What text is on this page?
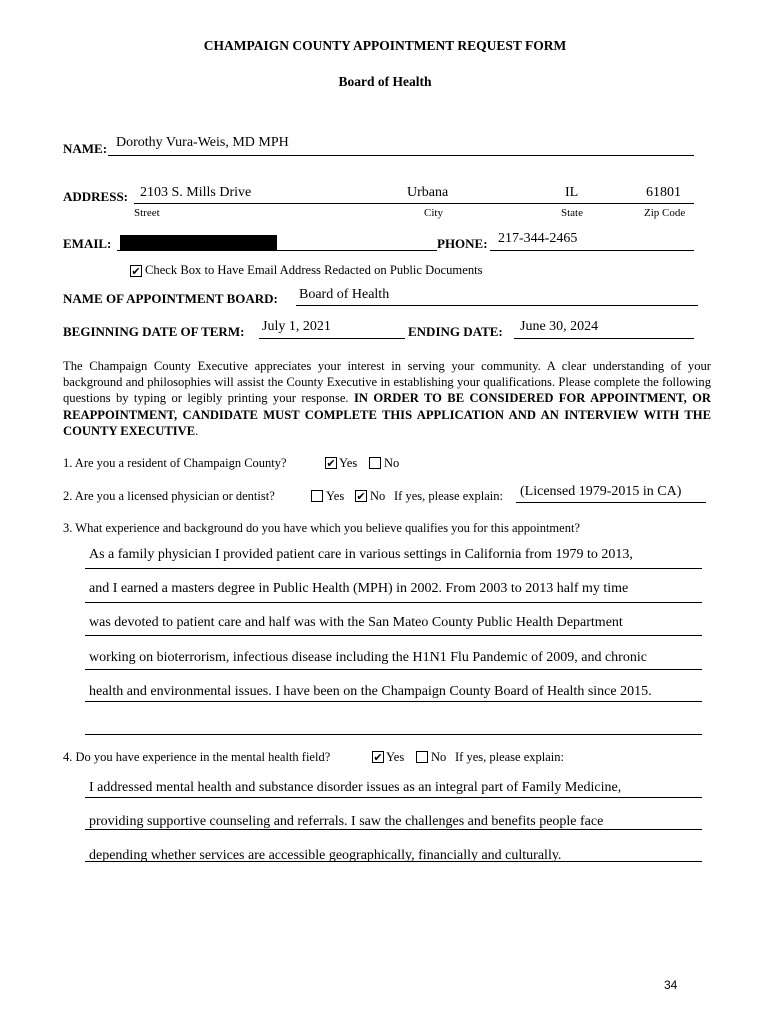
CHAMPAIGN COUNTY APPOINTMENT REQUEST FORM
Board of Health
NAME: Dorothy Vura-Weis, MD MPH
ADDRESS: 2103 S. Mills Drive	Urbana	IL	61801
Street	City	State	Zip Code
EMAIL:	PHONE: 217-344-2465
✔ Check Box to Have Email Address Redacted on Public Documents
NAME OF APPOINTMENT BOARD: Board of Health
BEGINNING DATE OF TERM: July 1, 2021	ENDING DATE: June 30, 2024
The Champaign County Executive appreciates your interest in serving your community. A clear understanding of your background and philosophies will assist the County Executive in establishing your qualifications. Please complete the following questions by typing or legibly printing your response. IN ORDER TO BE CONSIDERED FOR APPOINTMENT, OR REAPPOINTMENT, CANDIDATE MUST COMPLETE THIS APPLICATION AND AN INTERVIEW WITH THE COUNTY EXECUTIVE.
1. Are you a resident of Champaign County?	✔ Yes No
2. Are you a licensed physician or dentist?	Yes ✔ No If yes, please explain: (Licensed 1979-2015 in CA)
3. What experience and background do you have which you believe qualifies you for this appointment?
As a family physician I provided patient care in various settings in California from 1979 to 2013,
and I earned a masters degree in Public Health (MPH) in 2002. From 2003 to 2013 half my time
was devoted to patient care and half was with the San Mateo County Public Health Department
working on bioterrorism, infectious disease including the H1N1 Flu Pandemic of 2009, and chronic
health and environmental issues. I have been on the Champaign County Board of Health since 2015.
4. Do you have experience in the mental health field?	✔ Yes No If yes, please explain:
I addressed mental health and substance disorder issues as an integral part of Family Medicine,
providing supportive counseling and referrals. I saw the challenges and benefits people face
depending whether services are accessible geographically, financially and culturally.
34
